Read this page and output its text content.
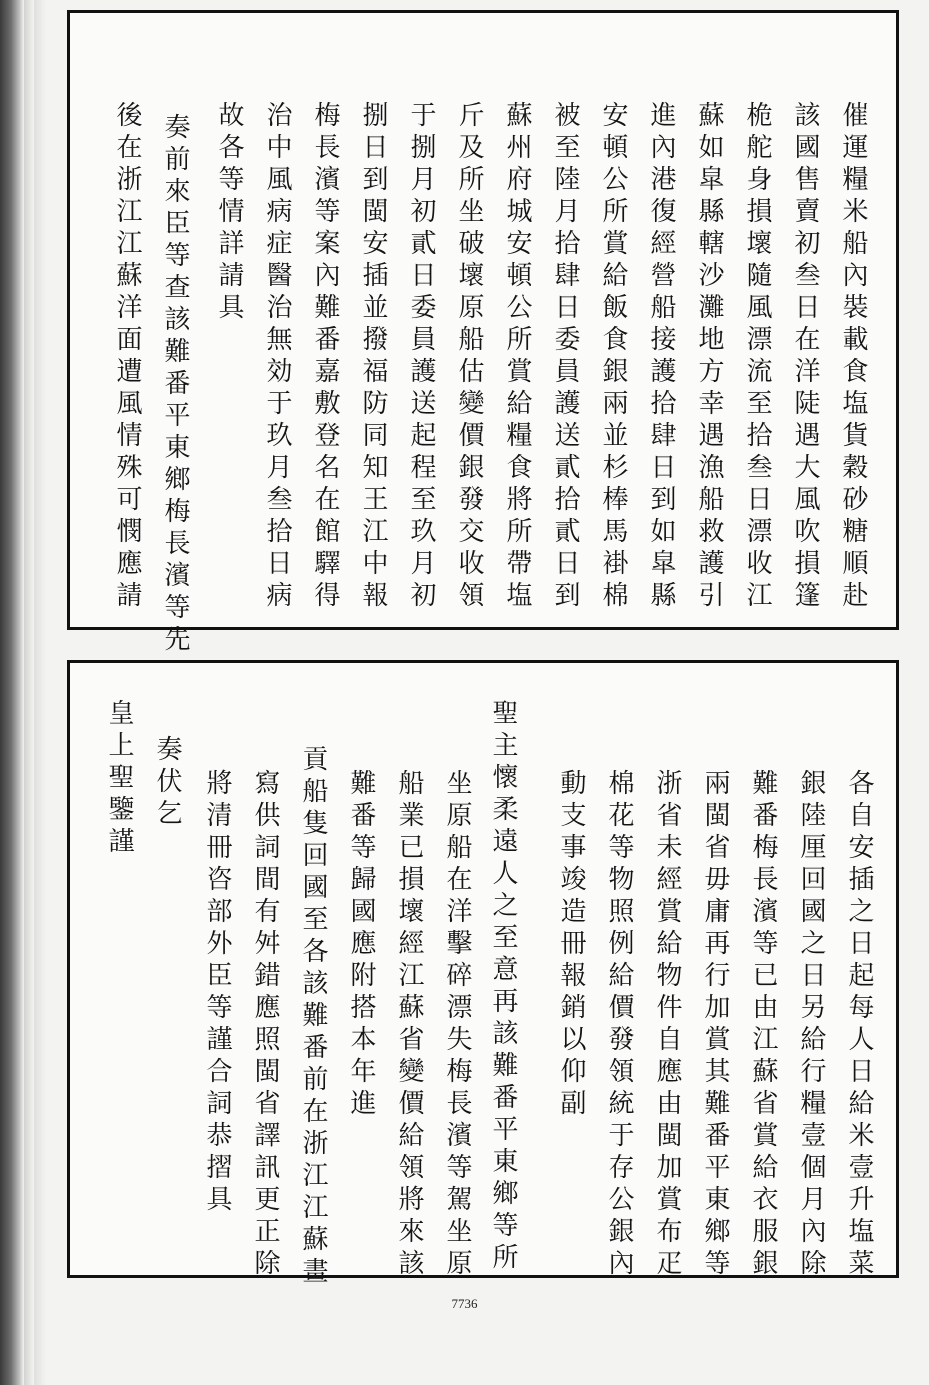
催運糧米船內裝載食塩貨穀砂糖順赴
該國售賣初叁日在洋陡遇大風吹損篷
桅舵身損壞隨風漂流至拾叁日漂收江
蘇如皐縣轄沙灘地方幸遇漁船救護引
進內港復經營船接護拾肆日到如皐縣
安頓公所賞給飯食銀兩並杉棒馬褂棉
被至陸月拾肆日委員護送貳拾貳日到
蘇州府城安頓公所賞給糧食將所帶塩
斤及所坐破壞原船估變價銀發交收領
于捌月初貳日委員護送起程至玖月初
捌日到閩安插並撥福防同知王江中報
梅長濱等案內難番嘉敷登名在館驛得
治中風病症醫治無効于玖月叁拾日病
故各等情詳請具
奏前來臣等查該難番平東鄉梅長濱等先
後在浙江江蘇洋面遭風情殊可憫應請
各自安插之日起每人日給米壹升塩菜
銀陸厘回國之日另給行糧壹個月內除
難番梅長濱等已由江蘇省賞給衣服銀
兩閩省毋庸再行加賞其難番平東鄉等
浙省未經賞給物件自應由閩加賞布疋
棉花等物照例給價發領統于存公銀內
動支事竣造冊報銷以仰副
聖主懷柔遠人之至意再該難番平東鄉等所
坐原船在洋擊碎漂失梅長濱等駕坐原
船業已損壞經江蘇省變價給領將來該
難番等歸國應附搭本年進
貢船隻回國至各該難番前在浙江江蘇畫
寫供詞間有舛錯應照閩省譯訊更正除
將清冊咨部外臣等謹合詞恭摺具
奏伏乞
皇上聖鑒謹
7736
